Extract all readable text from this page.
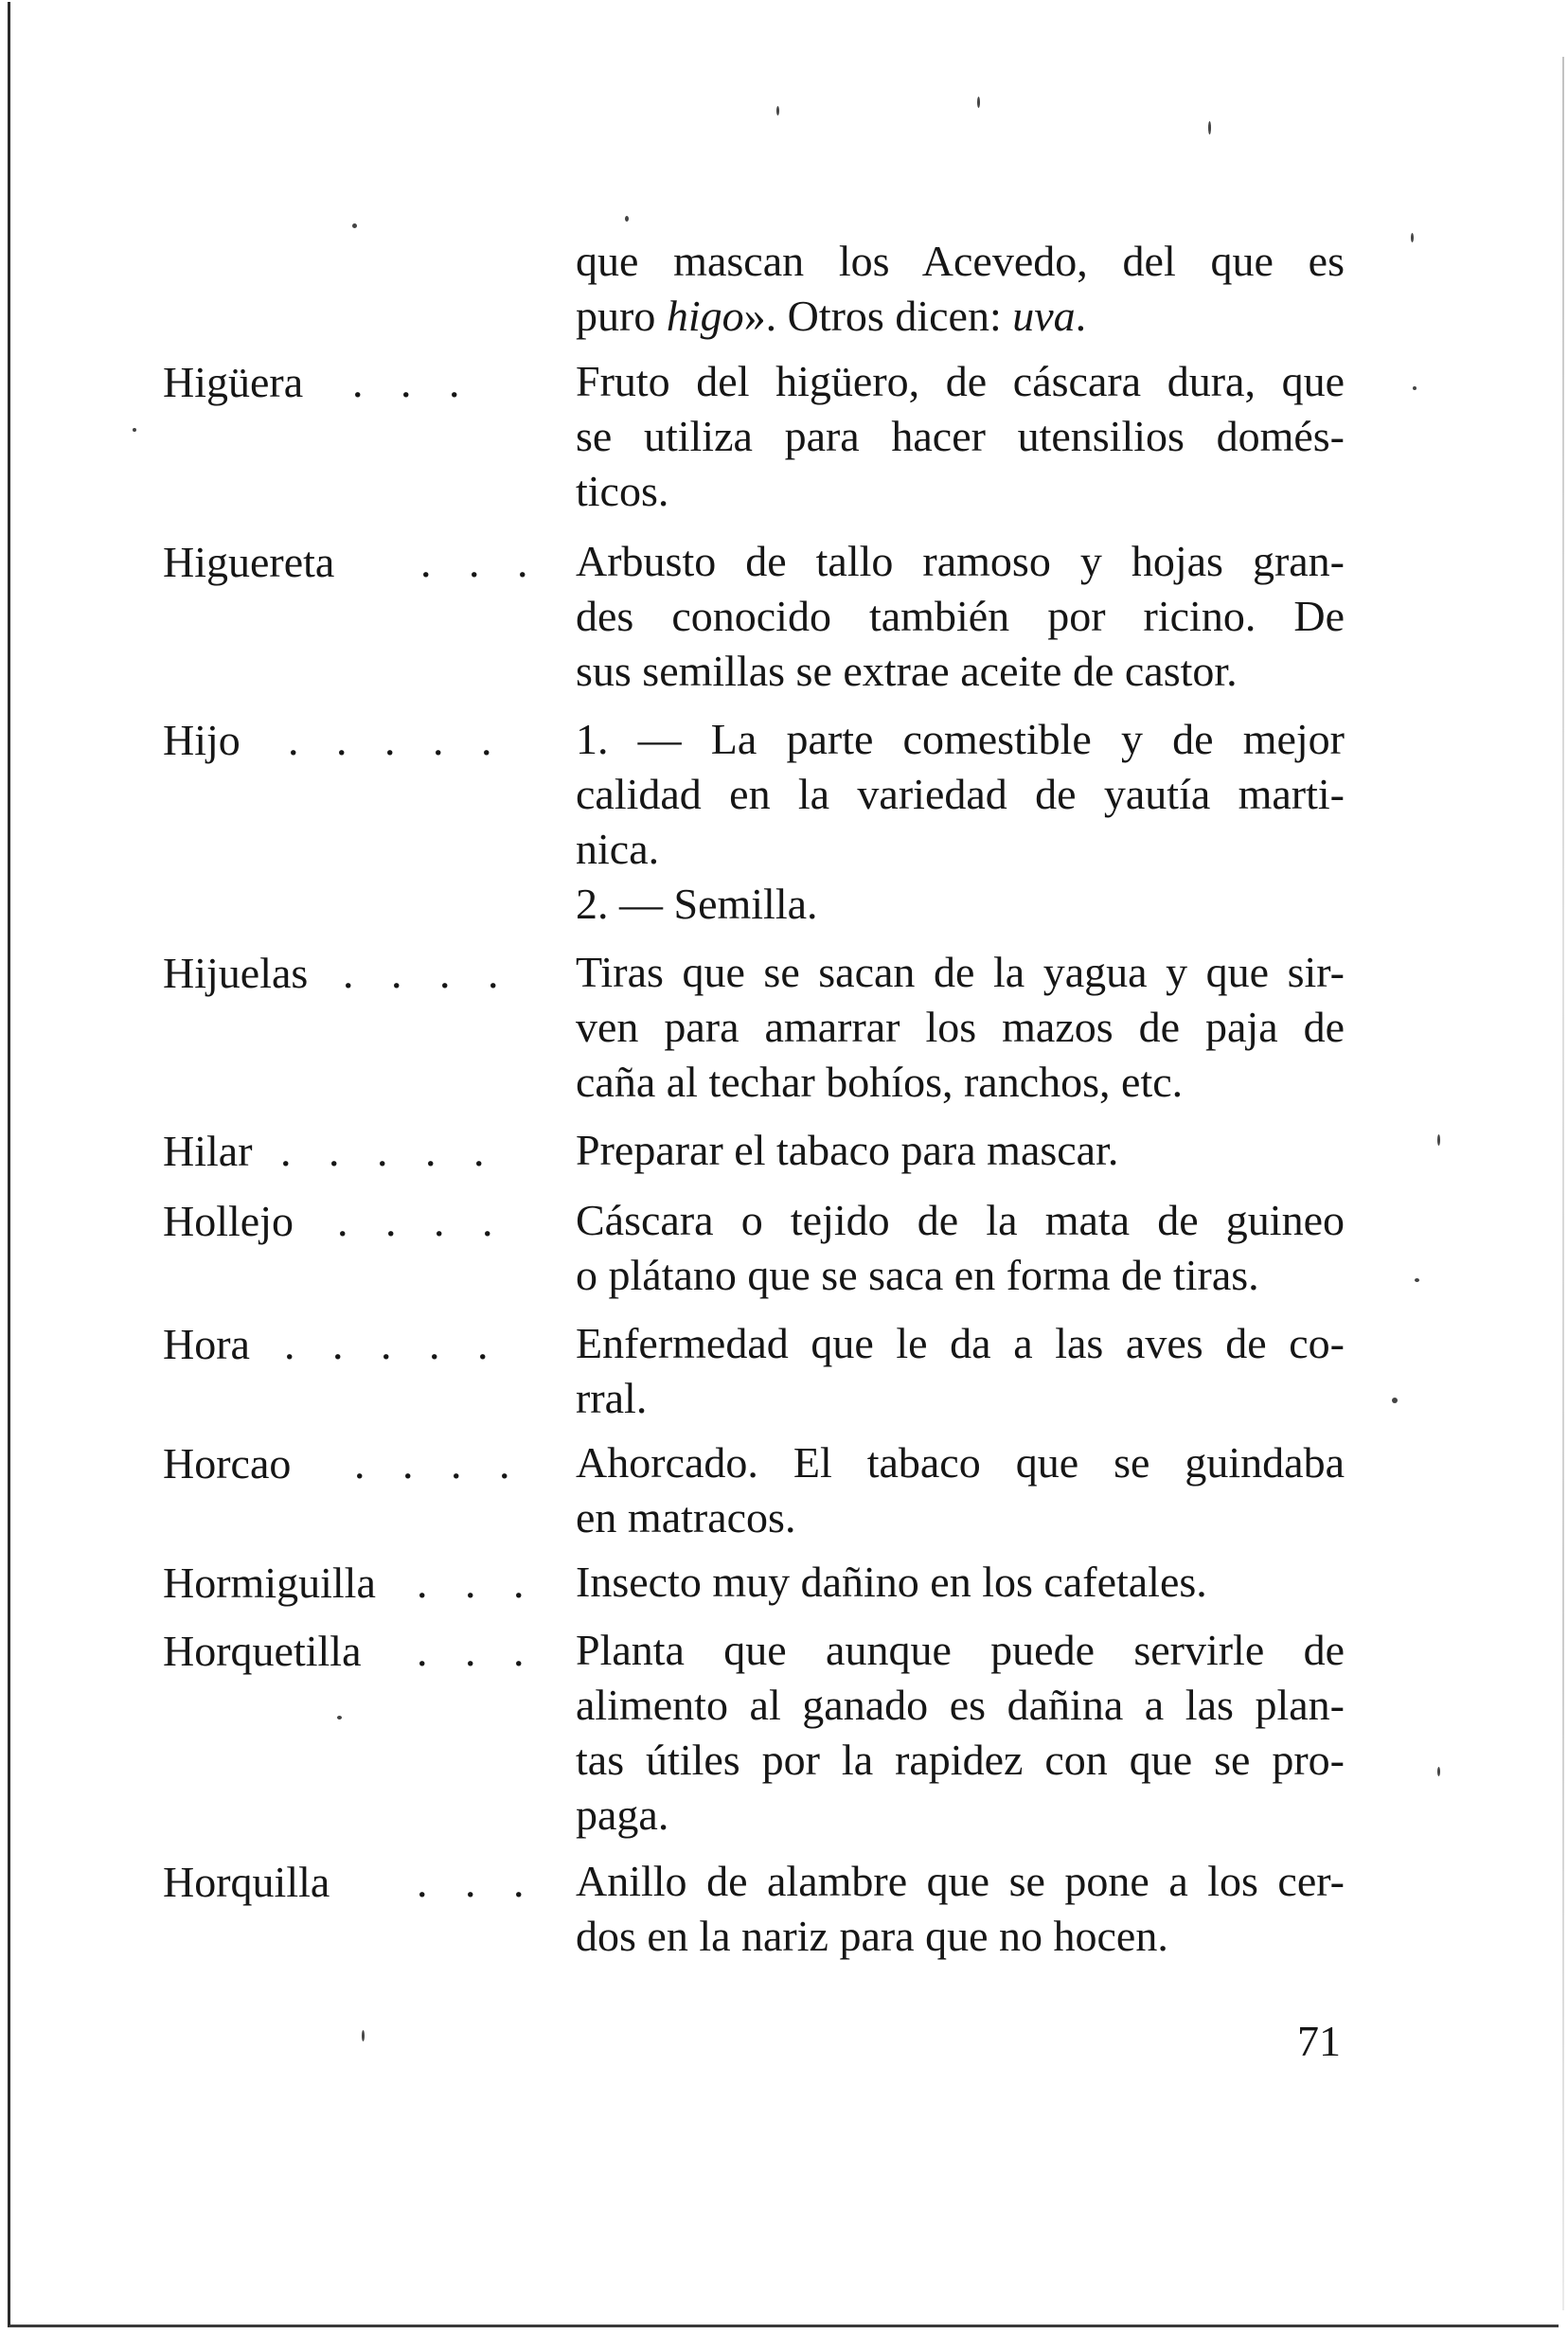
que mascan los Acevedo, del que es
puro higo». Otros dicen: uva.
Higüera	. . . Fruto del higüero, de cáscara dura, que
se utiliza para hacer utensilios domés-
ticos.
Higuereta	. . . Arbusto de tallo ramoso y hojas gran-
des conocido también por ricino. De
sus semillas se extrae aceite de castor.
Hijo	. . . . . 1. — La parte comestible y de mejor
calidad en la variedad de yautía marti-
nica.
2. — Semilla.
Hijuelas . . . . Tiras que se sacan de la yagua y que sir-
ven para amarrar los mazos de paja de
caña al techar bohíos, ranchos, etc.
Hilar . . . . . Preparar el tabaco para mascar.
Hollejo	. . . . Cáscara o tejido de la mata de guineo
o plátano que se saca en forma de tiras.
Hora . . . . . Enfermedad que le da a las aves de co-
rral.
Horcao	. . . . Ahorcado. El tabaco que se guindaba
en matracos.
Hormiguilla . . . Insecto muy dañino en los cafetales.
Horquetilla	. . . Planta que aunque puede servirle de
alimento al ganado es dañina a las plan-
tas útiles por la rapidez con que se pro-
paga.
Horquilla	. . . Anillo de alambre que se pone a los cer-
dos en la nariz para que no hocen.
71
